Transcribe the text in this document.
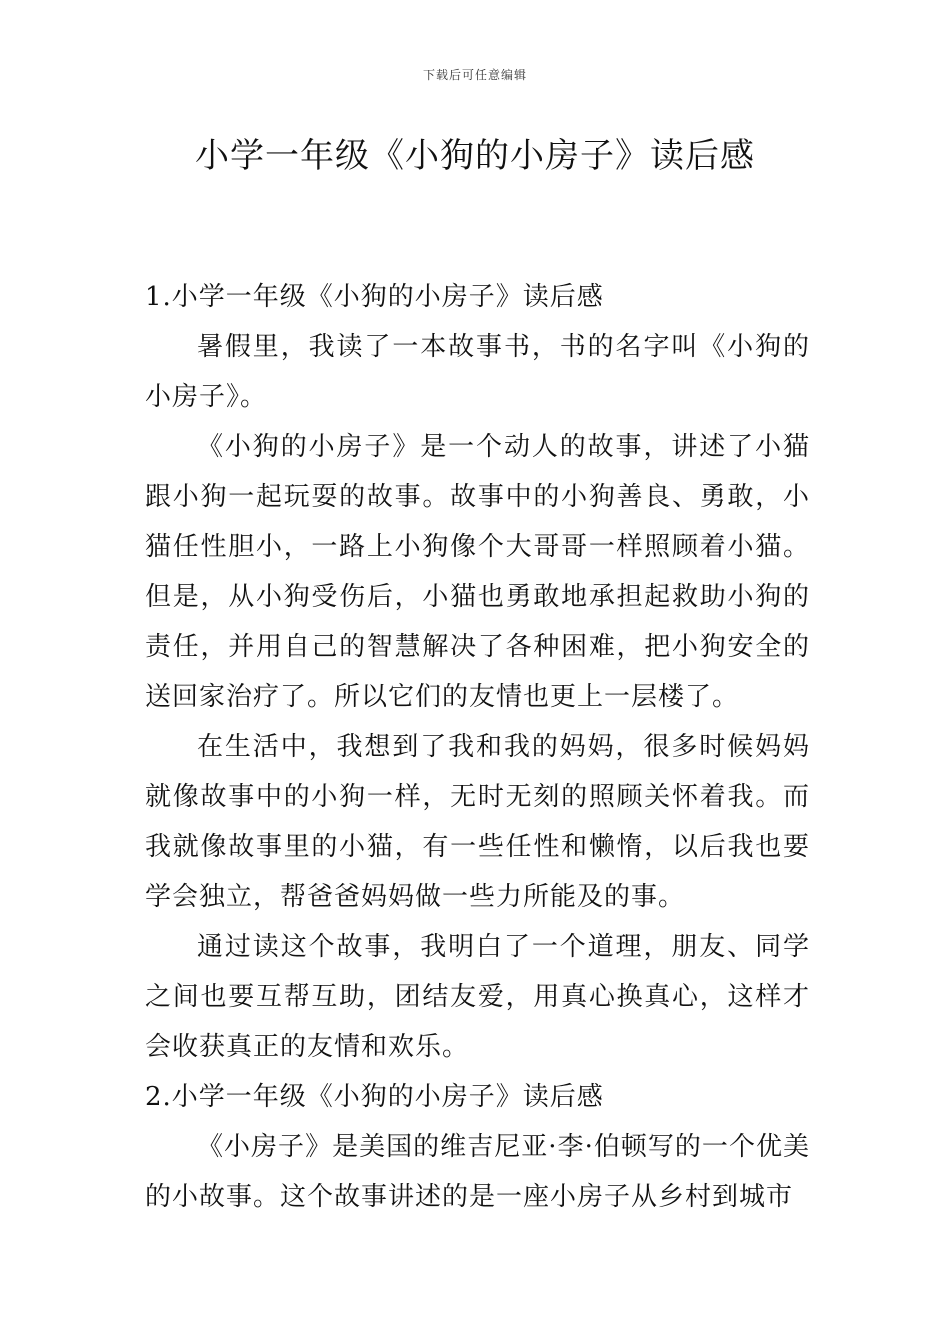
下载后可任意编辑
小学一年级《小狗的小房子》读后感
1.小学一年级《小狗的小房子》读后感

暑假里，我读了一本故事书，书的名字叫《小狗的小房子》。

《小狗的小房子》是一个动人的故事，讲述了小猫跟小狗一起玩耍的故事。故事中的小狗善良、勇敢，小猫任性胆小，一路上小狗像个大哥哥一样照顾着小猫。但是，从小狗受伤后，小猫也勇敢地承担起救助小狗的责任，并用自己的智慧解决了各种困难，把小狗安全的送回家治疗了。所以它们的友情也更上一层楼了。

在生活中，我想到了我和我的妈妈，很多时候妈妈就像故事中的小狗一样，无时无刻的照顾关怀着我。而我就像故事里的小猫，有一些任性和懒惰，以后我也要学会独立，帮爸爸妈妈做一些力所能及的事。

通过读这个故事，我明白了一个道理，朋友、同学之间也要互帮互助，团结友爱，用真心换真心，这样才会收获真正的友情和欢乐。

2.小学一年级《小狗的小房子》读后感

《小房子》是美国的维吉尼亚·李·伯顿写的一个优美的小故事。这个故事讲述的是一座小房子从乡村到城市
